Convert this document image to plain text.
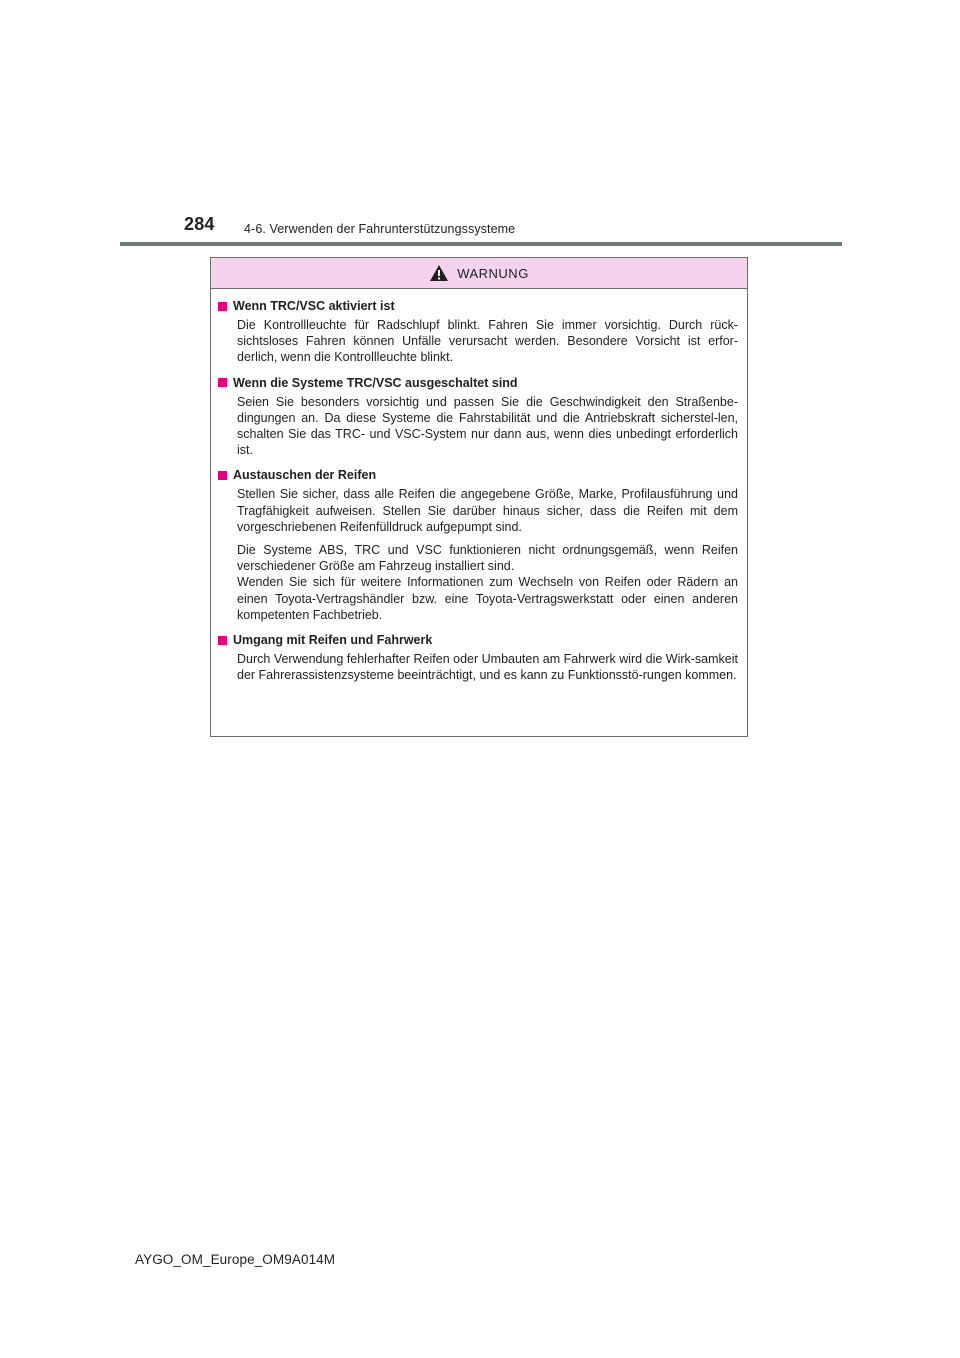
284 4-6. Verwenden der Fahrunterstützungssysteme
WARNUNG
Wenn TRC/VSC aktiviert ist

Die Kontrollleuchte für Radschlupf blinkt. Fahren Sie immer vorsichtig. Durch rück-sichtsloses Fahren können Unfälle verursacht werden. Besondere Vorsicht ist erfor-derlich, wenn die Kontrollleuchte blinkt.

Wenn die Systeme TRC/VSC ausgeschaltet sind

Seien Sie besonders vorsichtig und passen Sie die Geschwindigkeit den Straßenbe-dingungen an. Da diese Systeme die Fahrstabilität und die Antriebskraft sicherstel-len, schalten Sie das TRC- und VSC-System nur dann aus, wenn dies unbedingt erforderlich ist.

Austauschen der Reifen

Stellen Sie sicher, dass alle Reifen die angegebene Größe, Marke, Profilausführung und Tragfähigkeit aufweisen. Stellen Sie darüber hinaus sicher, dass die Reifen mit dem vorgeschriebenen Reifenfülldruck aufgepumpt sind.

Die Systeme ABS, TRC und VSC funktionieren nicht ordnungsgemäß, wenn Reifen verschiedener Größe am Fahrzeug installiert sind.

Wenden Sie sich für weitere Informationen zum Wechseln von Reifen oder Rädern an einen Toyota-Vertragshändler bzw. eine Toyota-Vertragswerkstatt oder einen anderen kompetenten Fachbetrieb.

Umgang mit Reifen und Fahrwerk

Durch Verwendung fehlerhafter Reifen oder Umbauten am Fahrwerk wird die Wirk-samkeit der Fahrerassistenzsysteme beeinträchtigt, und es kann zu Funktionsstö-rungen kommen.

AYGO_OM_Europe_OM9A014M
